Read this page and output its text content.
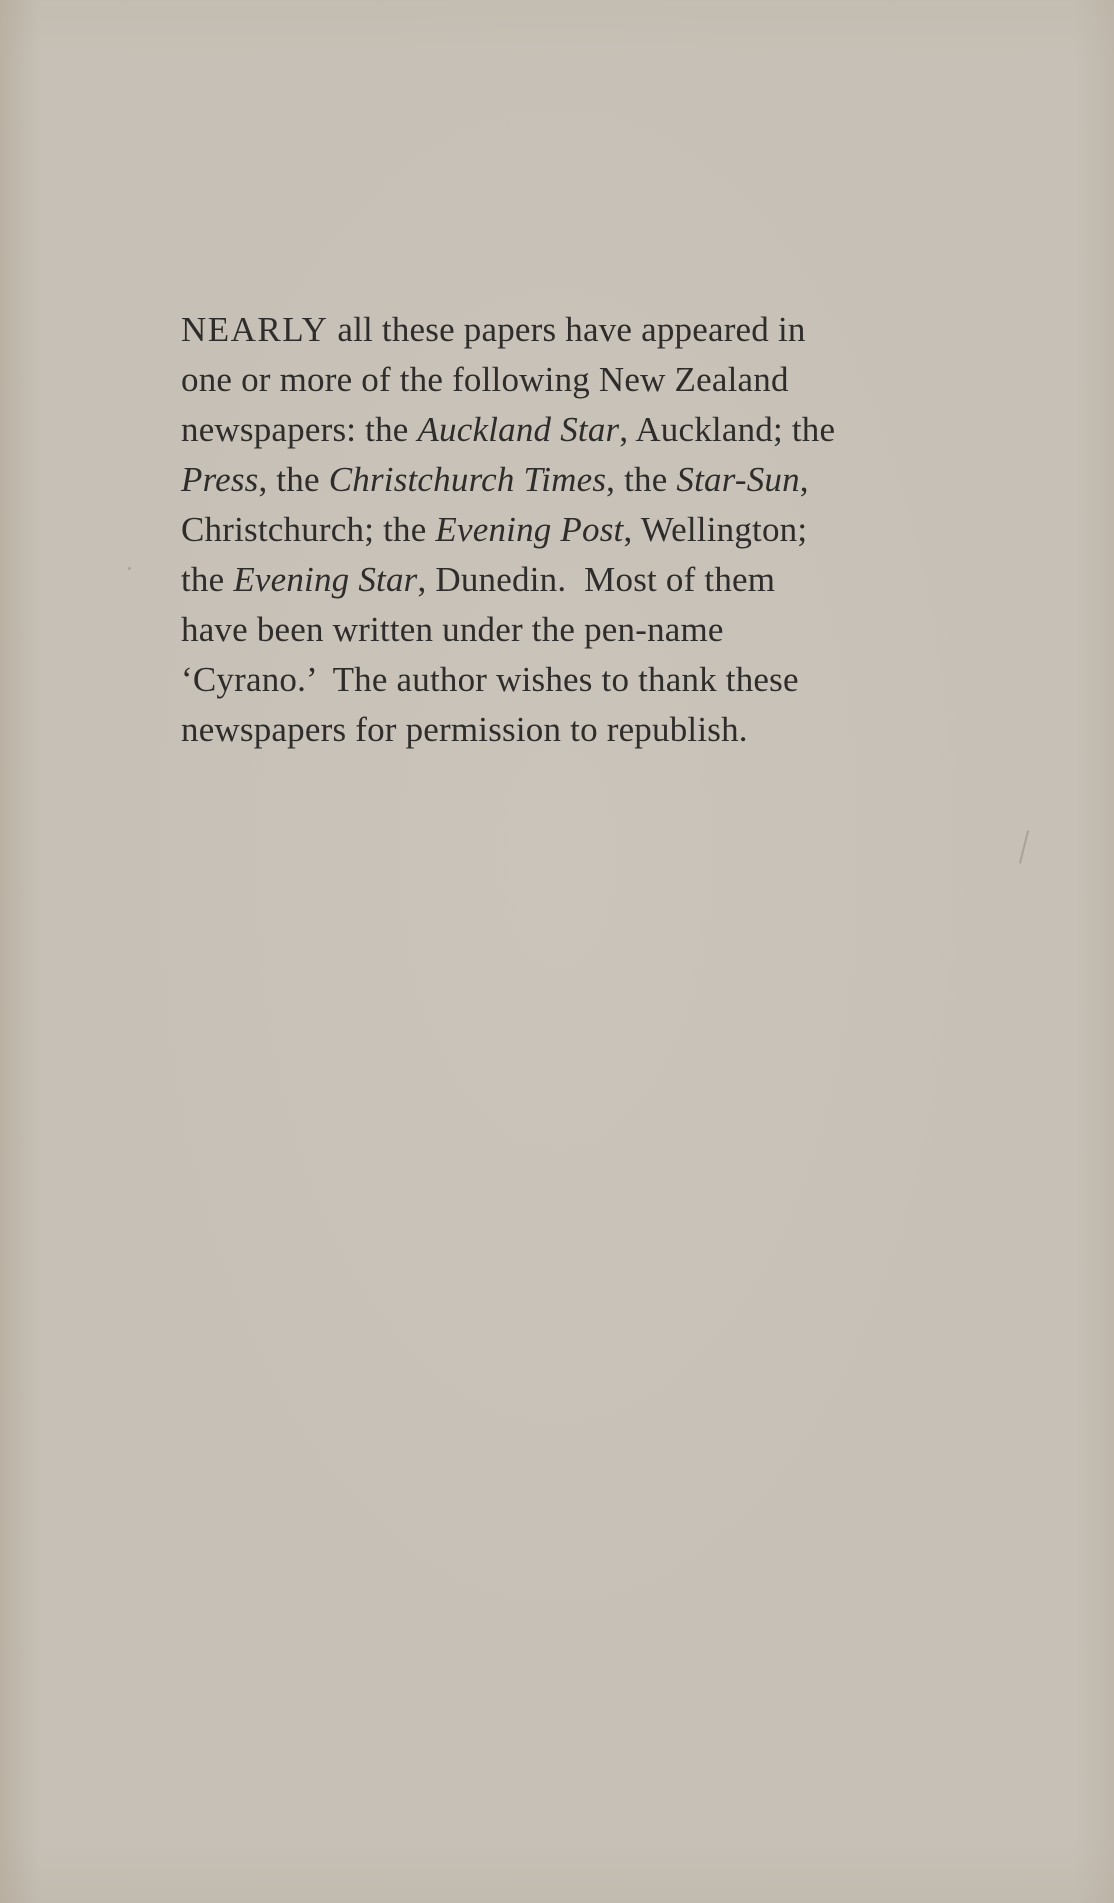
NEARLY all these papers have appeared in
one or more of the following New Zealand
newspapers: the Auckland Star, Auckland; the
Press, the Christchurch Times, the Star-Sun,
Christchurch; the Evening Post, Wellington;
the Evening Star, Dunedin.  Most of them
have been written under the pen-name
‘Cyrano.’  The author wishes to thank these
newspapers for permission to republish.
